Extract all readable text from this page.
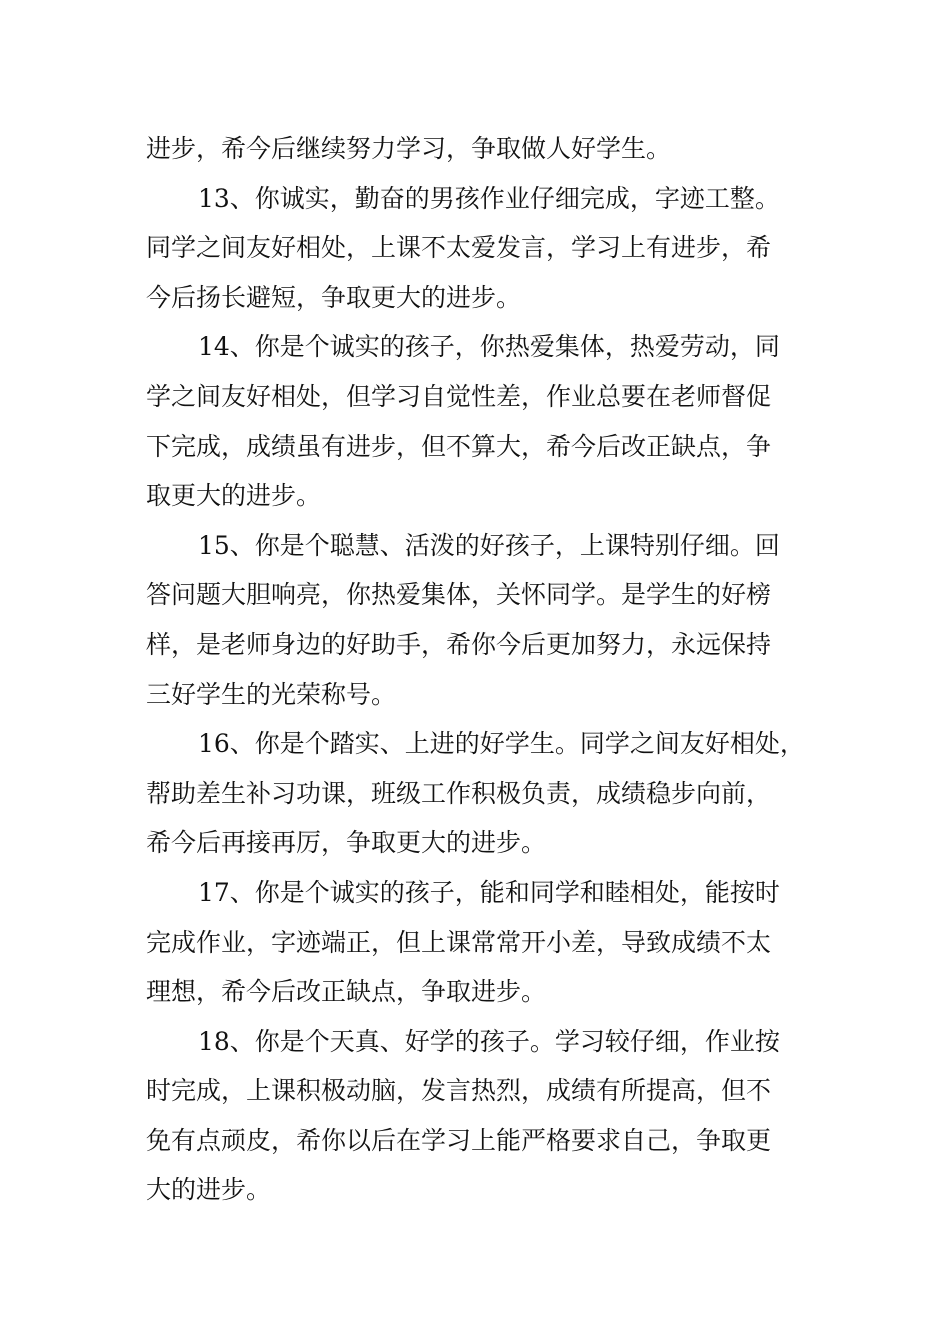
进步，希今后继续努力学习，争取做人好学生。
13、你诚实，勤奋的男孩作业仔细完成，字迹工整。
同学之间友好相处，上课不太爱发言，学习上有进步，希
今后扬长避短，争取更大的进步。
14、你是个诚实的孩子，你热爱集体，热爱劳动，同
学之间友好相处，但学习自觉性差，作业总要在老师督促
下完成，成绩虽有进步，但不算大，希今后改正缺点，争
取更大的进步。
15、你是个聪慧、活泼的好孩子，上课特别仔细。回
答问题大胆响亮，你热爱集体，关怀同学。是学生的好榜
样，是老师身边的好助手，希你今后更加努力，永远保持
三好学生的光荣称号。
16、你是个踏实、上进的好学生。同学之间友好相处，
帮助差生补习功课，班级工作积极负责，成绩稳步向前，
希今后再接再厉，争取更大的进步。
17、你是个诚实的孩子，能和同学和睦相处，能按时
完成作业，字迹端正，但上课常常开小差，导致成绩不太
理想，希今后改正缺点，争取进步。
18、你是个天真、好学的孩子。学习较仔细，作业按
时完成，上课积极动脑，发言热烈，成绩有所提高，但不
免有点顽皮，希你以后在学习上能严格要求自己，争取更
大的进步。
